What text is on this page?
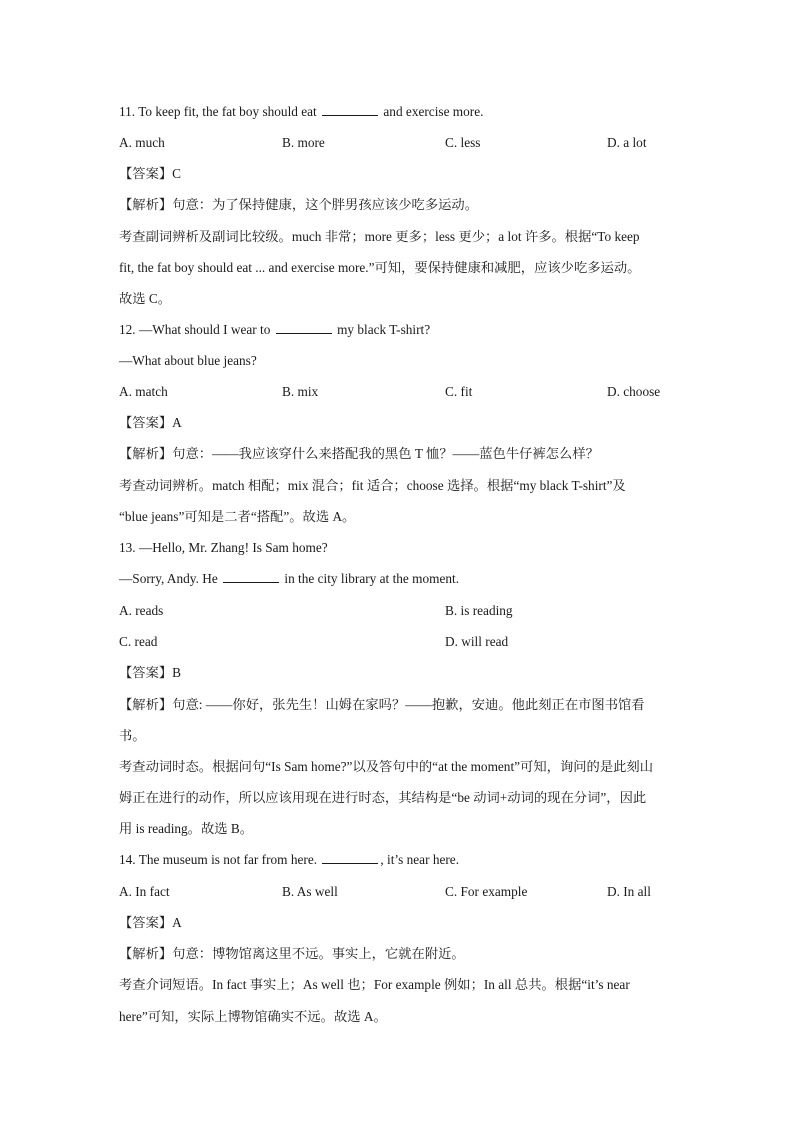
11. To keep fit, the fat boy should eat	and exercise more.
A. much	B. more	C. less	D. a lot
【答案】C
【解析】句意：为了保持健康，这个胖男孩应该少吃多运动。
考查副词辨析及副词比较级。much 非常；more 更多；less 更少；a lot 许多。根据“To keep
fit, the fat boy should eat ... and exercise more.”可知，要保持健康和减肥，应该少吃多运动。
故选 C。
12. —What should I wear to	my black T-shirt?
—What about blue jeans?
A. match	B. mix	C. fit	D. choose
【答案】A
【解析】句意：——我应该穿什么来搭配我的黑色 T 恤？——蓝色牛仔裤怎么样？
考查动词辨析。match 相配；mix 混合；fit 适合；choose 选择。根据“my black T-shirt”及
“blue jeans”可知是二者“搭配”。故选 A。
13. —Hello, Mr. Zhang! Is Sam home?
—Sorry, Andy. He	in the city library at the moment.
A. reads	B. is reading
C. read	D. will read
【答案】B
【解析】句意: ——你好，张先生！山姆在家吗？——抱歉，安迪。他此刻正在市图书馆看
书。
考查动词时态。根据问句“Is Sam home?”以及答句中的“at the moment”可知，询问的是此刻山
姆正在进行的动作，所以应该用现在进行时态，其结构是“be 动词+动词的现在分词”，因此
用 is reading。故选 B。
14. The museum is not far from here.	, it’s near here.
A. In fact	B. As well	C. For example	D. In all
【答案】A
【解析】句意：博物馆离这里不远。事实上，它就在附近。
考查介词短语。In fact 事实上；As well 也；For example 例如；In all 总共。根据“it’s near
here”可知，实际上博物馆确实不远。故选 A。
